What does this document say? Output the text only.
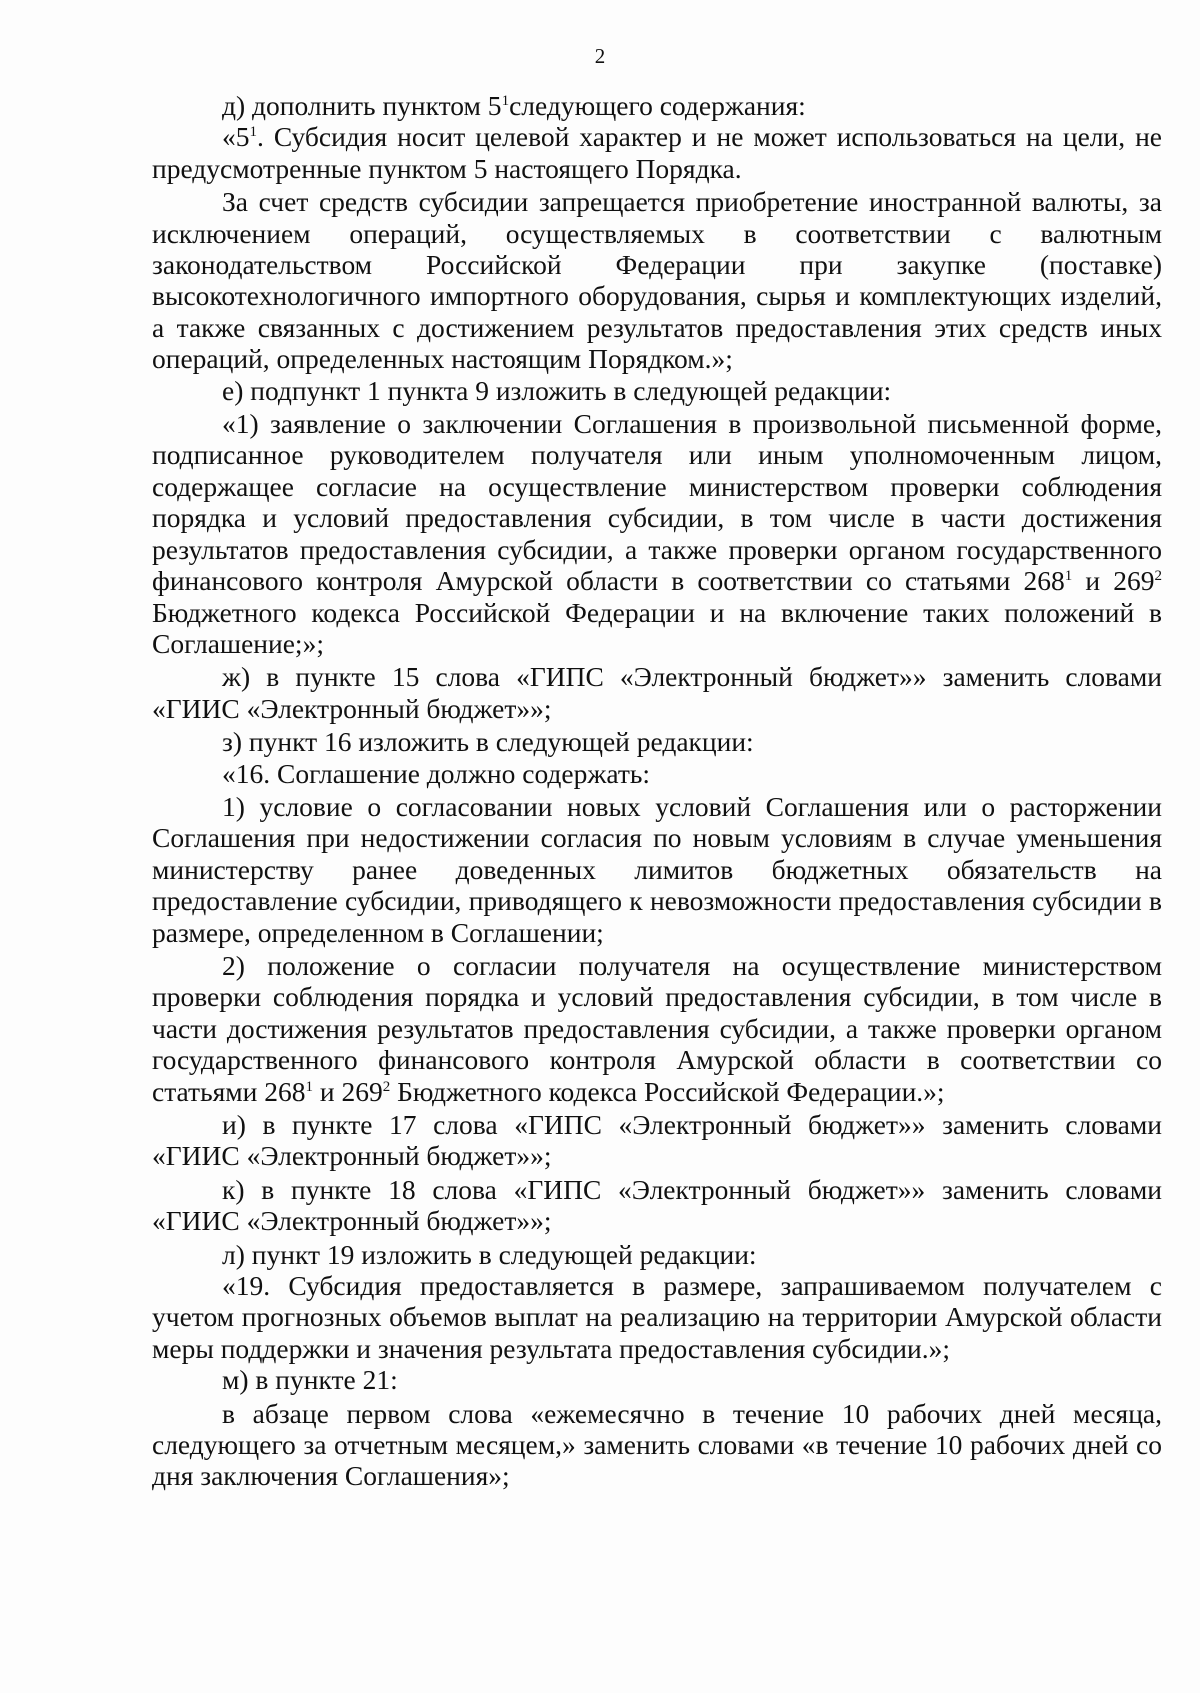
2

д) дополнить пунктом $5^1следующего$ содержания:

«$5^1$. Субсидия носит целевой характер и не может использоваться на цели, не предусмотренные пунктом 5 настоящего Порядка.

За счет средств субсидии запрещается приобретение иностранной валюты, за исключением операций, осуществляемых в соответствии с валютным законодательством Российской Федерации при закупке (поставке) высокотехнологичного импортного оборудования, сырья и комплектующих изделий, а также связанных с достижением результатов предоставления этих средств иных операций, определенных настоящим Порядком.»;

е) подпункт 1 пункта 9 изложить в следующей редакции:

«1) заявление о заключении Соглашения в произвольной письменной форме, подписанное руководителем получателя или иным уполномоченным лицом, содержащее согласие на осуществление министерством проверки соблюдения порядка и условий предоставления субсидии, в том числе в части достижения результатов предоставления субсидии, а также проверки органом государственного финансового контроля Амурской области в соответствии со статьями $268^1$ и $269^2$ Бюджетного кодекса Российской Федерации и на включение таких положений в Соглашение;»;

ж) в пункте 15 слова «ГИПС «Электронный бюджет»» заменить словами «ГИИС «Электронный бюджет»»;

з) пункт 16 изложить в следующей редакции:

«16. Соглашение должно содержать:

1) условие о согласовании новых условий Соглашения или о расторжении Соглашения при недостижении согласия по новым условиям в случае уменьшения министерству ранее доведенных лимитов бюджетных обязательств на предоставление субсидии, приводящего к невозможности предоставления субсидии в размере, определенном в Соглашении;

2) положение о согласии получателя на осуществление министерством проверки соблюдения порядка и условий предоставления субсидии, в том числе в части достижения результатов предоставления субсидии, а также проверки органом государственного финансового контроля Амурской области в соответствии со статьями $268^1$ и $269^2$ Бюджетного кодекса Российской Федерации.»;

и) в пункте 17 слова «ГИПС «Электронный бюджет»» заменить словами «ГИИС «Электронный бюджет»»;

к) в пункте 18 слова «ГИПС «Электронный бюджет»» заменить словами «ГИИС «Электронный бюджет»»;

л) пункт 19 изложить в следующей редакции:

«19. Субсидия предоставляется в размере, запрашиваемом получателем с учетом прогнозных объемов выплат на реализацию на территории Амурской области меры поддержки и значения результата предоставления субсидии.»;

м) в пункте 21:

в абзаце первом слова «ежемесячно в течение 10 рабочих дней месяца, следующего за отчетным месяцем,» заменить словами «в течение 10 рабочих дней со дня заключения Соглашения»;
